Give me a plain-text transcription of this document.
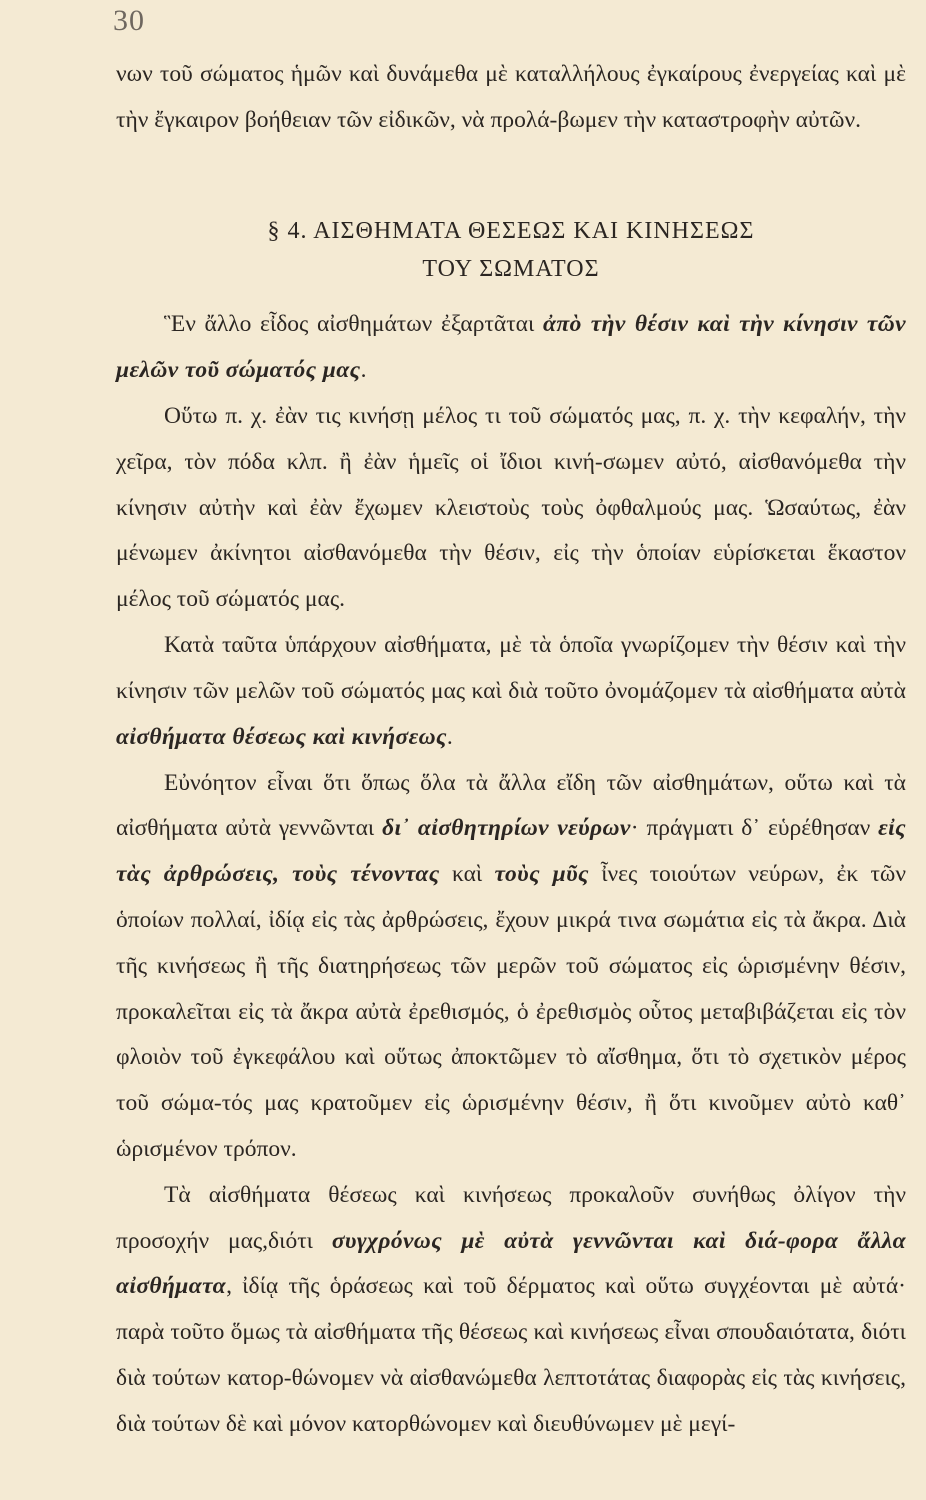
30

νων τοῦ σώματος ἡμῶν καὶ δυνάμεθα μὲ καταλλήλους ἐγκαίρους ἐνεργείας καὶ μὲ τὴν ἔγκαιρον βοήθειαν τῶν εἰδικῶν, νὰ προλά-βωμεν τὴν καταστροφὴν αὐτῶν.

§ 4. ΑΙΣΘΗΜΑΤΑ ΘΕΣΕΩΣ ΚΑΙ ΚΙΝΗΣΕΩΣ
ΤΟΥ ΣΩΜΑΤΟΣ

Ἓν ἄλλο εἶδος αἰσθημάτων ἐξαρτᾶται ἀπὸ τὴν θέσιν καὶ τὴν κίνησιν τῶν μελῶν τοῦ σώματός μας.

Οὕτω π. χ. ἐὰν τις κινήσῃ μέλος τι τοῦ σώματός μας, π. χ. τὴν κεφαλήν, τὴν χεῖρα, τὸν πόδα κλπ. ἢ ἐὰν ἡμεῖς οἱ ἴδιοι κινή-σωμεν αὐτό, αἰσθανόμεθα τὴν κίνησιν αὐτὴν καὶ ἐὰν ἔχωμεν κλειστοὺς τοὺς ὀφθαλμούς μας. Ὡσαύτως, ἐὰν μένωμεν ἀκίνητοι αἰσθανόμεθα τὴν θέσιν, εἰς τὴν ὁποίαν εὑρίσκεται ἕκαστον μέλος τοῦ σώματός μας.

Κατὰ ταῦτα ὑπάρχουν αἰσθήματα, μὲ τὰ ὁποῖα γνωρίζομεν τὴν θέσιν καὶ τὴν κίνησιν τῶν μελῶν τοῦ σώματός μας καὶ διὰ τοῦτο ὀνομάζομεν τὰ αἰσθήματα αὐτὰ αἰσθήματα θέσεως καὶ κινήσεως.

Εὐνόητον εἶναι ὅτι ὅπως ὅλα τὰ ἄλλα εἴδη τῶν αἰσθημάτων, οὕτω καὶ τὰ αἰσθήματα αὐτὰ γεννῶνται δι᾽ αἰσθητηρίων νεύρων· πράγματι δ᾽ εὑρέθησαν εἰς τὰς ἀρθρώσεις, τοὺς τένοντας καὶ τοὺς μῦς ἶνες τοιούτων νεύρων, ἐκ τῶν ὁποίων πολλαί, ἰδίᾳ εἰς τὰς ἀρθρώσεις, ἔχουν μικρά τινα σωμάτια εἰς τὰ ἄκρα. Διὰ τῆς κινήσεως ἢ τῆς διατηρήσεως τῶν μερῶν τοῦ σώματος εἰς ὡρισμένην θέσιν, προκαλεῖται εἰς τὰ ἄκρα αὐτὰ ἐρεθισμός, ὁ ἐρεθισμὸς οὗτος μεταβιβάζεται εἰς τὸν φλοιὸν τοῦ ἐγκεφάλου καὶ οὕτως ἀποκτῶμεν τὸ αἴσθημα, ὅτι τὸ σχετικὸν μέρος τοῦ σώμα-τός μας κρατοῦμεν εἰς ὡρισμένην θέσιν, ἢ ὅτι κινοῦμεν αὐτὸ καθ᾽ ὡρισμένον τρόπον.

Τὰ αἰσθήματα θέσεως καὶ κινήσεως προκαλοῦν συνήθως ὀλίγον τὴν προσοχήν μας,διότι συγχρόνως μὲ αὐτὰ γεννῶνται καὶ διά-φορα ἄλλα αἰσθήματα, ἰδίᾳ τῆς ὁράσεως καὶ τοῦ δέρματος καὶ οὕτω συγχέονται μὲ αὐτά· παρὰ τοῦτο ὅμως τὰ αἰσθήματα τῆς θέσεως καὶ κινήσεως εἶναι σπουδαιότατα, διότι διὰ τούτων κατορ-θώνομεν νὰ αἰσθανώμεθα λεπτοτάτας διαφορὰς εἰς τὰς κινήσεις, διὰ τούτων δὲ καὶ μόνον κατορθώνομεν καὶ διευθύνωμεν μὲ μεγί-
